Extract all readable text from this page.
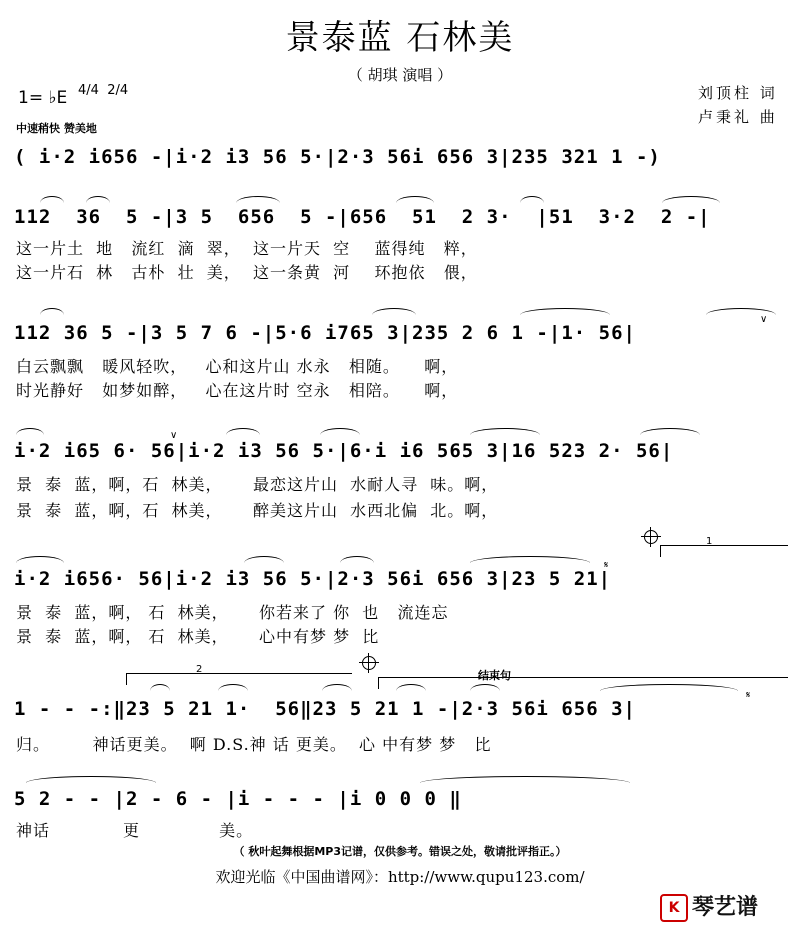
景泰蓝 石林美
（ 胡琪 演唱 ）
刘顶柱 词
卢秉礼 曲
1= ♭E 4/4 2/4
中速稍快 赞美地
( i·2 i656 -|i·2 i3 56 5·|2·3 56i 656 3|235 321 1 -)
112  36  5 -|3 5  656  5 -|656  51  2 3·  |51  3·2  2 -|
这一片土  地   流红  滴  翠，  这一片天  空    蓝得纯   粹，
这一片石  林   古朴  壮  美，  这一条黄  河    环抱依   偎，
∨
112 36 5 -|3 5 7 6 -|5·6 i765 3|235 2 6 1 -|1· 56|
白云飘飘   暖风轻吹，   心和这片山 水永   相随。    啊，
时光静好   如梦如醉，   心在这片时 空永   相陪。    啊，
∨
i·2 i65 6· 56|i·2 i3 56 5·|6·i i6 565 3|16 523 2· 56|
景  泰  蓝，啊，石  林美，     最恋这片山  水耐人寻  味。啊，
景  泰  蓝，啊，石  林美，     醉美这片山  水西北偏  北。啊，
1
𝄋
i·2 i656· 56|i·2 i3 56 5·|2·3 56i 656 3|23 5 21|
景  泰  蓝，啊， 石  林美，     你若来了 你  也   流连忘
景  泰  蓝，啊， 石  林美，     心中有梦 梦  比
2	结束句
𝄋
1 - - -:‖23 5 21 1·  56‖23 5 21 1 -|2·3 56i 656 3|
归。       神话更美。  啊 D.S.神 话 更美。  心 中有梦 梦   比
5 2 - - |2 - 6 - |i - - - |i 0 0 0 ‖
神话            更             美。
（ 秋叶起舞根据MP3记谱，仅供参考。错误之处，敬请批评指正。）
欢迎光临《中国曲谱网》：http://www.qupu123.com/
K 琴艺谱
